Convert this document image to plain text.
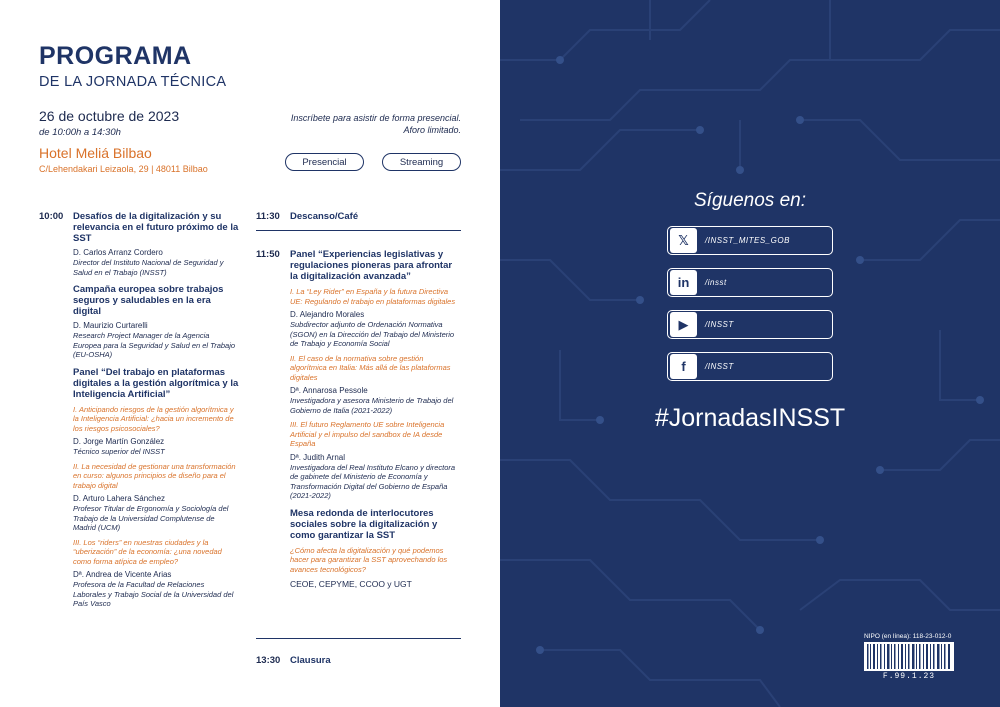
PROGRAMA
DE LA JORNADA TÉCNICA
26 de octubre de 2023
de 10:00h a 14:30h
Hotel Meliá Bilbao
C/Lehendakari Leizaola, 29 | 48011 Bilbao
Inscríbete para asistir de forma presencial.
Aforo limitado.
Presencial	Streaming
10:00	Desafíos de la digitalización y su relevancia en el futuro próximo de la SST
D. Carlos Arranz Cordero
Director del Instituto Nacional de Seguridad y Salud en el Trabajo (INSST)
Campaña europea sobre trabajos seguros y saludables en la era digital
D. Maurizio Curtarelli
Research Project Manager de la Agencia Europea para la Seguridad y Salud en el Trabajo (EU-OSHA)
Panel “Del trabajo en plataformas digitales a la gestión algorítmica y la Inteligencia Artificial”
I. Anticipando riesgos de la gestión algorítmica y la Inteligencia Artificial: ¿hacia un incremento de los riesgos psicosociales?
D. Jorge Martín González
Técnico superior del INSST
II. La necesidad de gestionar una transformación en curso: algunos principios de diseño para el trabajo digital
D. Arturo Lahera Sánchez
Profesor Titular de Ergonomía y Sociología del Trabajo de la Universidad Complutense de Madrid (UCM)
III. Los “riders” en nuestras ciudades y la “uberización” de la economía: ¿una novedad como forma atípica de empleo?
Dª. Andrea de Vicente Arias
Profesora de la Facultad de Relaciones Laborales y Trabajo Social de la Universidad del País Vasco
11:30	Descanso/Café
11:50	Panel “Experiencias legislativas y regulaciones pioneras para afrontar la digitalización avanzada”
I. La “Ley Rider” en España y la futura Directiva UE: Regulando el trabajo en plataformas digitales
D. Alejandro Morales
Subdirector adjunto de Ordenación Normativa (SGON) en la Dirección del Trabajo del Ministerio de Trabajo y Economía Social
II. El caso de la normativa sobre gestión algorítmica en Italia: Más allá de las plataformas digitales
Dª. Annarosa Pessole
Investigadora y asesora Ministerio de Trabajo del Gobierno de Italia (2021-2022)
III. El futuro Reglamento UE sobre Inteligencia Artificial y el impulso del sandbox de IA desde España
Dª. Judith Arnal
Investigadora del Real Instituto Elcano y directora de gabinete del Ministerio de Economía y Transformación Digital del Gobierno de España (2021-2022)
Mesa redonda de interlocutores sociales sobre la digitalización y como garantizar la SST
¿Cómo afecta la digitalización y qué podemos hacer para garantizar la SST aprovechando los avances tecnológicos?
CEOE, CEPYME, CCOO y UGT
13:30	Clausura
Síguenos en:
𝕏	/INSST_MITES_GOB
in	/insst
▶	/INSST
f	/INSST
#JornadasINSST
NIPO (en línea): 118-23-012-0
F.99.1.23
